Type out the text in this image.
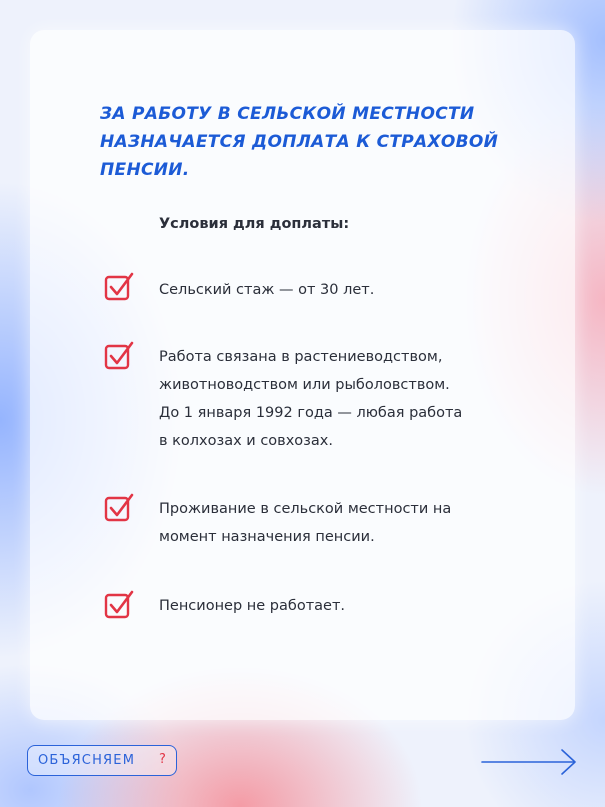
ЗА РАБОТУ В СЕЛЬСКОЙ МЕСТНОСТИ НАЗНАЧАЕТСЯ ДОПЛАТА К СТРАХОВОЙ ПЕНСИИ.
Условия для доплаты:

Сельский стаж — от 30 лет.

Работа связана в растениеводством,
животноводством или рыболовством.
До 1 января 1992 года — любая работа
в колхозах и совхозах.

Проживание в сельской местности на
момент назначения пенсии.

Пенсионер не работает.

ОБЪЯСНЯЕМ ?
